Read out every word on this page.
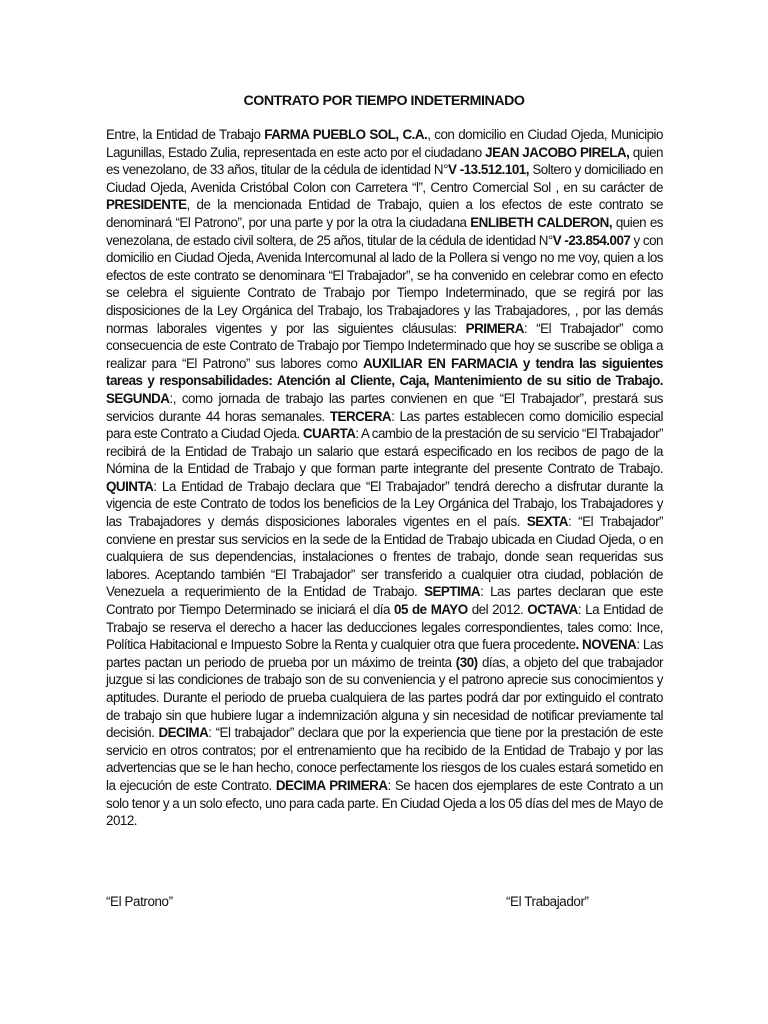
CONTRATO POR TIEMPO INDETERMINADO

Entre, la Entidad de Trabajo FARMA PUEBLO SOL, C.A., con domicilio en Ciudad Ojeda, Municipio Lagunillas, Estado Zulia, representada en este acto por el ciudadano JEAN JACOBO PIRELA, quien es venezolano, de 33 años, titular de la cédula de identidad N°V -13.512.101, Soltero y domiciliado en Ciudad Ojeda, Avenida Cristóbal Colon con Carretera “l”, Centro Comercial Sol , en su carácter de PRESIDENTE, de la mencionada Entidad de Trabajo, quien a los efectos de este contrato se denominará “El Patrono”, por una parte y por la otra la ciudadana ENLIBETH CALDERON, quien es venezolana, de estado civil soltera, de 25 años, titular de la cédula de identidad N°V -23.854.007 y con domicilio en Ciudad Ojeda, Avenida Intercomunal al lado de la Pollera si vengo no me voy, quien a los efectos de este contrato se denominara “El Trabajador”, se ha convenido en celebrar como en efecto se celebra el siguiente Contrato de Trabajo por Tiempo Indeterminado, que se regirá por las disposiciones de la Ley Orgánica del Trabajo, los Trabajadores y las Trabajadores, , por las demás normas laborales vigentes y por las siguientes cláusulas: PRIMERA: “El Trabajador” como consecuencia de este Contrato de Trabajo por Tiempo Indeterminado que hoy se suscribe se obliga a realizar para “El Patrono” sus labores como AUXILIAR EN FARMACIA y tendra las siguientes tareas y responsabilidades: Atención al Cliente, Caja, Mantenimiento de su sitio de Trabajo. SEGUNDA:, como jornada de trabajo las partes convienen en que “El Trabajador”, prestará sus servicios durante 44 horas semanales. TERCERA: Las partes establecen como domicilio especial para este Contrato a Ciudad Ojeda. CUARTA: A cambio de la prestación de su servicio “El Trabajador” recibirá de la Entidad de Trabajo un salario que estará especificado en los recibos de pago de la Nómina de la Entidad de Trabajo y que forman parte integrante del presente Contrato de Trabajo. QUINTA: La Entidad de Trabajo declara que “El Trabajador” tendrá derecho a disfrutar durante la vigencia de este Contrato de todos los beneficios de la Ley Orgánica del Trabajo, los Trabajadores y las Trabajadores y demás disposiciones laborales vigentes en el país. SEXTA: “El Trabajador” conviene en prestar sus servicios en la sede de la Entidad de Trabajo ubicada en Ciudad Ojeda, o en cualquiera de sus dependencias, instalaciones o frentes de trabajo, donde sean requeridas sus labores. Aceptando también “El Trabajador” ser transferido a cualquier otra ciudad, población de Venezuela a requerimiento de la Entidad de Trabajo. SEPTIMA: Las partes declaran que este Contrato por Tiempo Determinado se iniciará el día 05 de MAYO del 2012. OCTAVA: La Entidad de Trabajo se reserva el derecho a hacer las deducciones legales correspondientes, tales como: Ince, Política Habitacional e Impuesto Sobre la Renta y cualquier otra que fuera procedente. NOVENA: Las partes pactan un periodo de prueba por un máximo de treinta (30) días, a objeto del que trabajador juzgue si las condiciones de trabajo son de su conveniencia y el patrono aprecie sus conocimientos y aptitudes. Durante el periodo de prueba cualquiera de las partes podrá dar por extinguido el contrato de trabajo sin que hubiere lugar a indemnización alguna y sin necesidad de notificar previamente tal decisión. DECIMA: “El trabajador” declara que por la experiencia que tiene por la prestación de este servicio en otros contratos; por el entrenamiento que ha recibido de la Entidad de Trabajo y por las advertencias que se le han hecho, conoce perfectamente los riesgos de los cuales estará sometido en la ejecución de este Contrato. DECIMA PRIMERA: Se hacen dos ejemplares de este Contrato a un solo tenor y a un solo efecto, uno para cada parte. En Ciudad Ojeda a los 05 días del mes de Mayo de 2012.

“El Patrono”	“El Trabajador”
